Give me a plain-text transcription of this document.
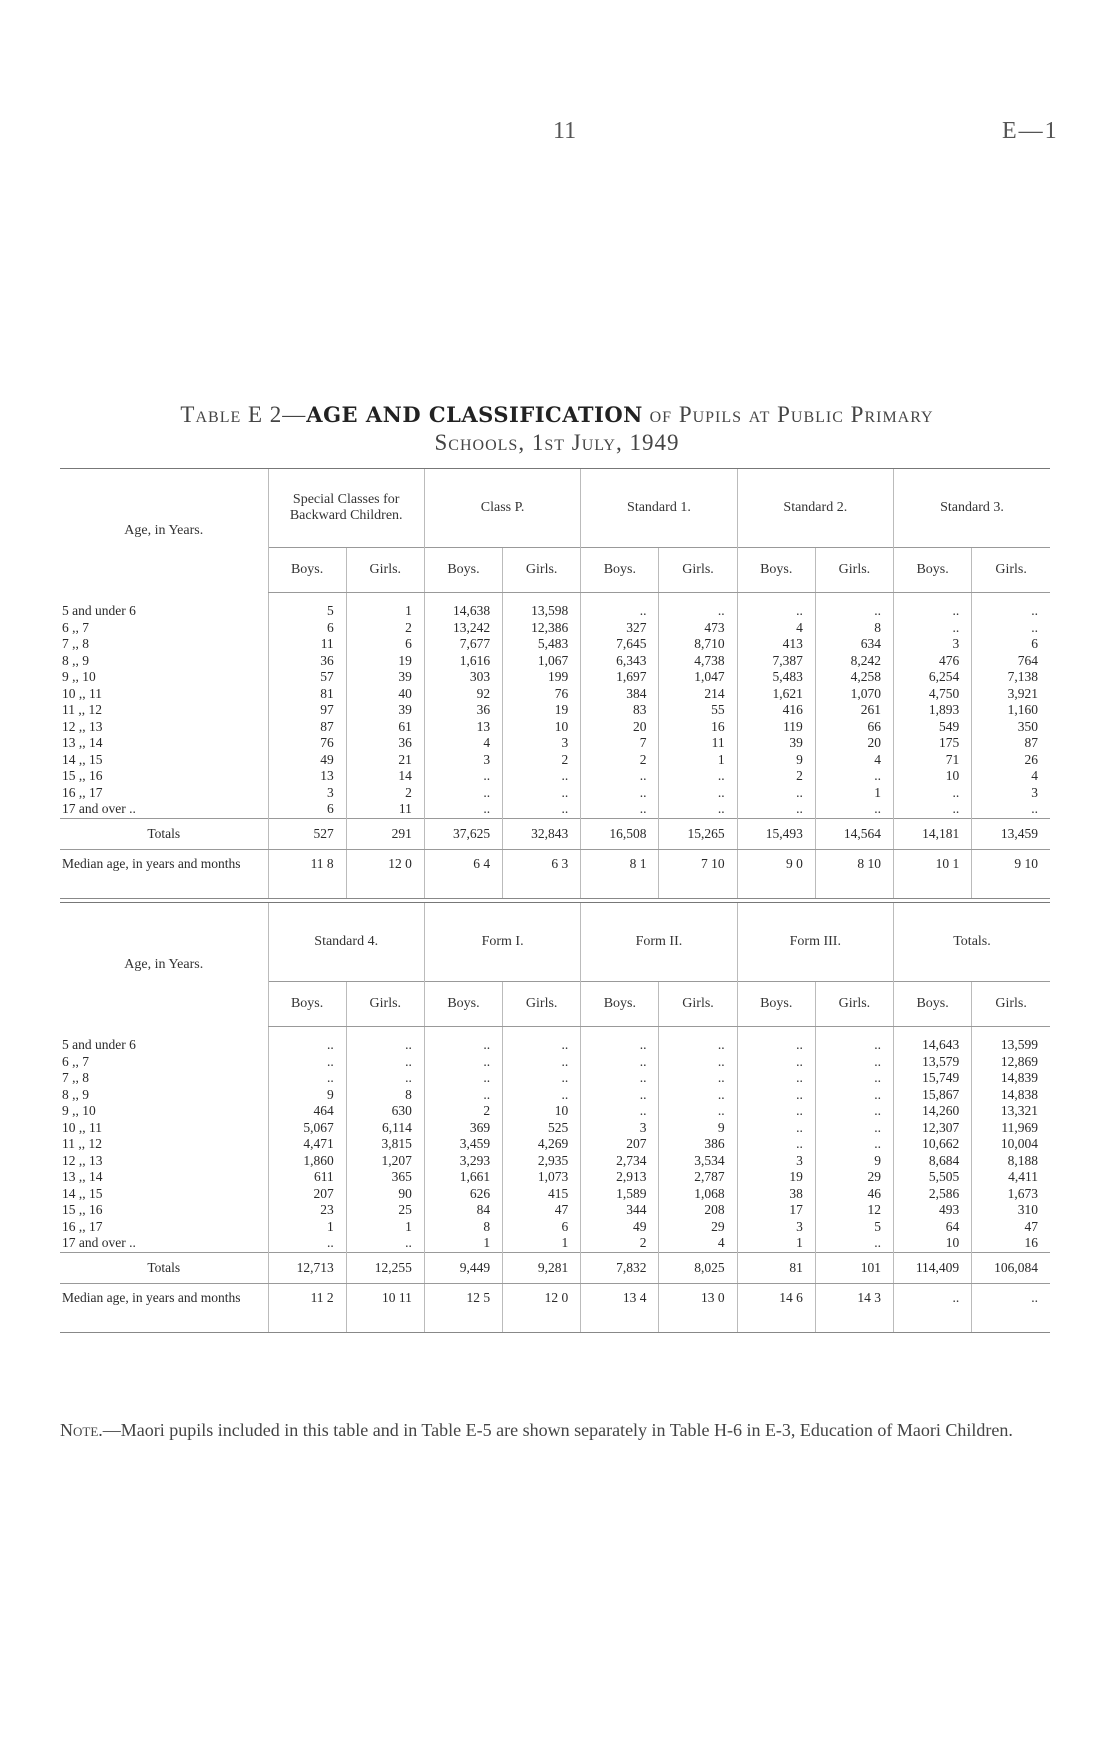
11	E—1
Table E 2—AGE AND CLASSIFICATION of Pupils at Public Primary
Schools, 1st July, 1949
Age, in Years.	Special Classes for Backward Children.		Class P.		Standard 1.		Standard 2.		Standard 3.	
	Boys.	Girls.	Boys.	Girls.	Boys.	Girls.	Boys.	Girls.	Boys.	Girls.

5 and under 6	5	1	14,638	13,598	..	..	..	..	..	..
6 ,, 7	6	2	13,242	12,386	327	473	4	8	..	..
7 ,, 8	11	6	7,677	5,483	7,645	8,710	413	634	3	6
8 ,, 9	36	19	1,616	1,067	6,343	4,738	7,387	8,242	476	764
9 ,, 10	57	39	303	199	1,697	1,047	5,483	4,258	6,254	7,138
10 ,, 11	81	40	92	76	384	214	1,621	1,070	4,750	3,921
11 ,, 12	97	39	36	19	83	55	416	261	1,893	1,160
12 ,, 13	87	61	13	10	20	16	119	66	549	350
13 ,, 14	76	36	4	3	7	11	39	20	175	87
14 ,, 15	49	21	3	2	2	1	9	4	71	26
15 ,, 16	13	14	..	..	..	..	2	..	10	4
16 ,, 17	3	2	..	..	..	..	..	1	..	3
17 and over ..	6	11	..	..	..	..	..	..	..	..
Totals	527	291	37,625	32,843	16,508	15,265	15,493	14,564	14,181	13,459
Median age, in years and months	11 8	12 0	6 4	6 3	8 1	7 10	9 0	8 10	10 1	9 10
Age, in Years.	Standard 4.		Form I.		Form II.		Form III.		Totals.	
	Boys.	Girls.	Boys.	Girls.	Boys.	Girls.	Boys.	Girls.	Boys.	Girls.

5 and under 6	..	..	..	..	..	..	..	..	14,643	13,599
6 ,, 7	..	..	..	..	..	..	..	..	13,579	12,869
7 ,, 8	..	..	..	..	..	..	..	..	15,749	14,839
8 ,, 9	9	8	..	..	..	..	..	..	15,867	14,838
9 ,, 10	464	630	2	10	..	..	..	..	14,260	13,321
10 ,, 11	5,067	6,114	369	525	3	9	..	..	12,307	11,969
11 ,, 12	4,471	3,815	3,459	4,269	207	386	..	..	10,662	10,004
12 ,, 13	1,860	1,207	3,293	2,935	2,734	3,534	3	9	8,684	8,188
13 ,, 14	611	365	1,661	1,073	2,913	2,787	19	29	5,505	4,411
14 ,, 15	207	90	626	415	1,589	1,068	38	46	2,586	1,673
15 ,, 16	23	25	84	47	344	208	17	12	493	310
16 ,, 17	1	1	8	6	49	29	3	5	64	47
17 and over ..	..	..	1	1	2	4	1	..	10	16
Totals	12,713	12,255	9,449	9,281	7,832	8,025	81	101	114,409	106,084
Median age, in years and months	11 2	10 11	12 5	12 0	13 4	13 0	14 6	14 3	..	..
Note.—Maori pupils included in this table and in Table E-5 are shown separately in Table H-6 in E-3, Education of Maori Children.
